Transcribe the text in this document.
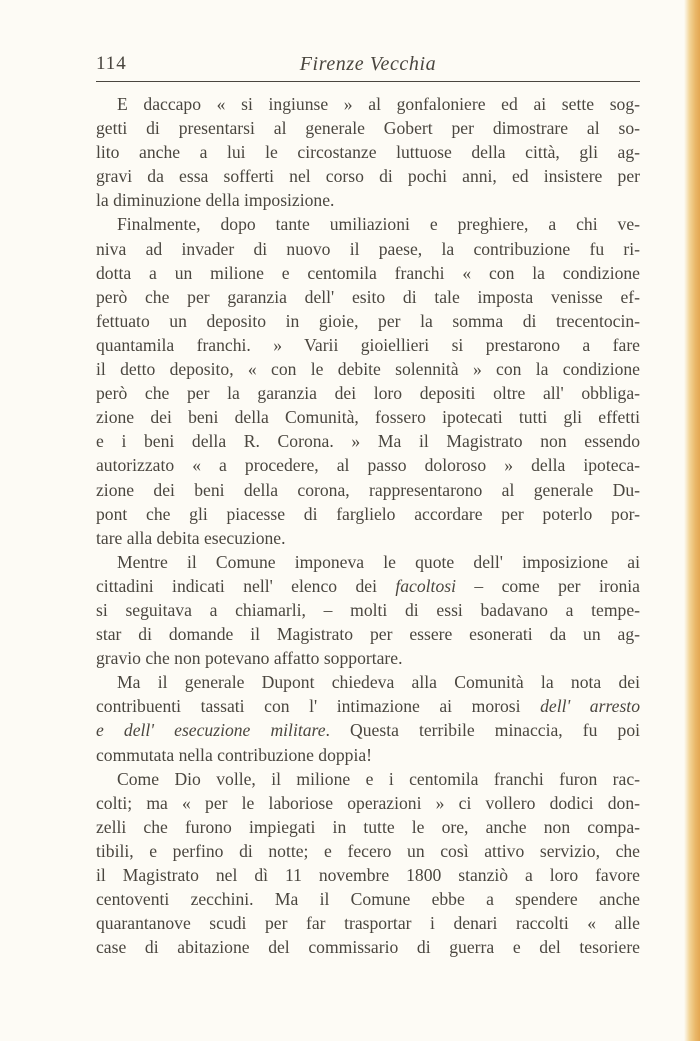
114	Firenze Vecchia
E daccapo « si ingiunse » al gonfaloniere ed ai sette sog-
getti di presentarsi al generale Gobert per dimostrare al so-
lito anche a lui le circostanze luttuose della città, gli ag-
gravi da essa sofferti nel corso di pochi anni, ed insistere per
la diminuzione della imposizione.
Finalmente, dopo tante umiliazioni e preghiere, a chi ve-
niva ad invader di nuovo il paese, la contribuzione fu ri-
dotta a un milione e centomila franchi « con la condizione
però che per garanzia dell' esito di tale imposta venisse ef-
fettuato un deposito in gioie, per la somma di trecentocin-
quantamila franchi. » Varii gioiellieri si prestarono a fare
il detto deposito, « con le debite solennità » con la condizione
però che per la garanzia dei loro depositi oltre all' obbliga-
zione dei beni della Comunità, fossero ipotecati tutti gli effetti
e i beni della R. Corona. » Ma il Magistrato non essendo
autorizzato « a procedere, al passo doloroso » della ipoteca-
zione dei beni della corona, rappresentarono al generale Du-
pont che gli piacesse di farglielo accordare per poterlo por-
tare alla debita esecuzione.
Mentre il Comune imponeva le quote dell' imposizione ai
cittadini indicati nell' elenco dei facoltosi – come per ironia
si seguitava a chiamarli, – molti di essi badavano a tempe-
star di domande il Magistrato per essere esonerati da un ag-
gravio che non potevano affatto sopportare.
Ma il generale Dupont chiedeva alla Comunità la nota dei
contribuenti tassati con l' intimazione ai morosi dell' arresto
e dell' esecuzione militare. Questa terribile minaccia, fu poi
commutata nella contribuzione doppia!
Come Dio volle, il milione e i centomila franchi furon rac-
colti; ma « per le laboriose operazioni » ci vollero dodici don-
zelli che furono impiegati in tutte le ore, anche non compa-
tibili, e perfino di notte; e fecero un così attivo servizio, che
il Magistrato nel dì 11 novembre 1800 stanziò a loro favore
centoventi zecchini. Ma il Comune ebbe a spendere anche
quarantanove scudi per far trasportar i denari raccolti « alle
case di abitazione del commissario di guerra e del tesoriere
